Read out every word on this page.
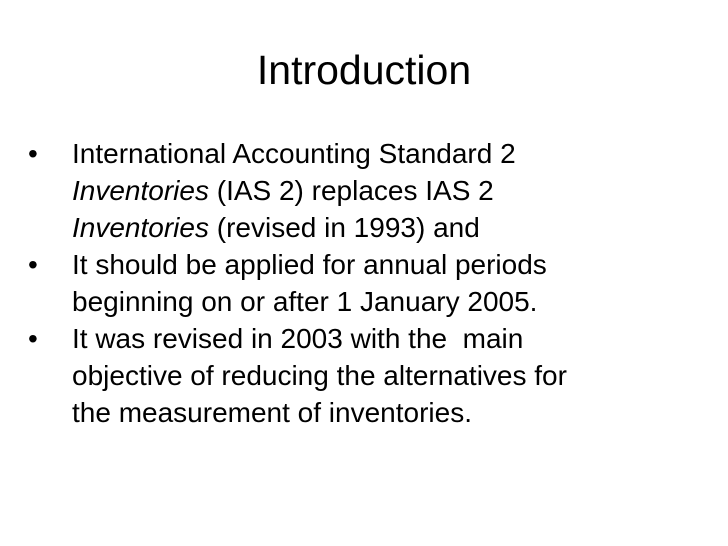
Introduction
• International Accounting Standard 2
Inventories (IAS 2) replaces IAS 2
Inventories (revised in 1993) and
• It should be applied for annual periods
beginning on or after 1 January 2005.
• It was revised in 2003 with the  main
objective of reducing the alternatives for
the measurement of inventories.
